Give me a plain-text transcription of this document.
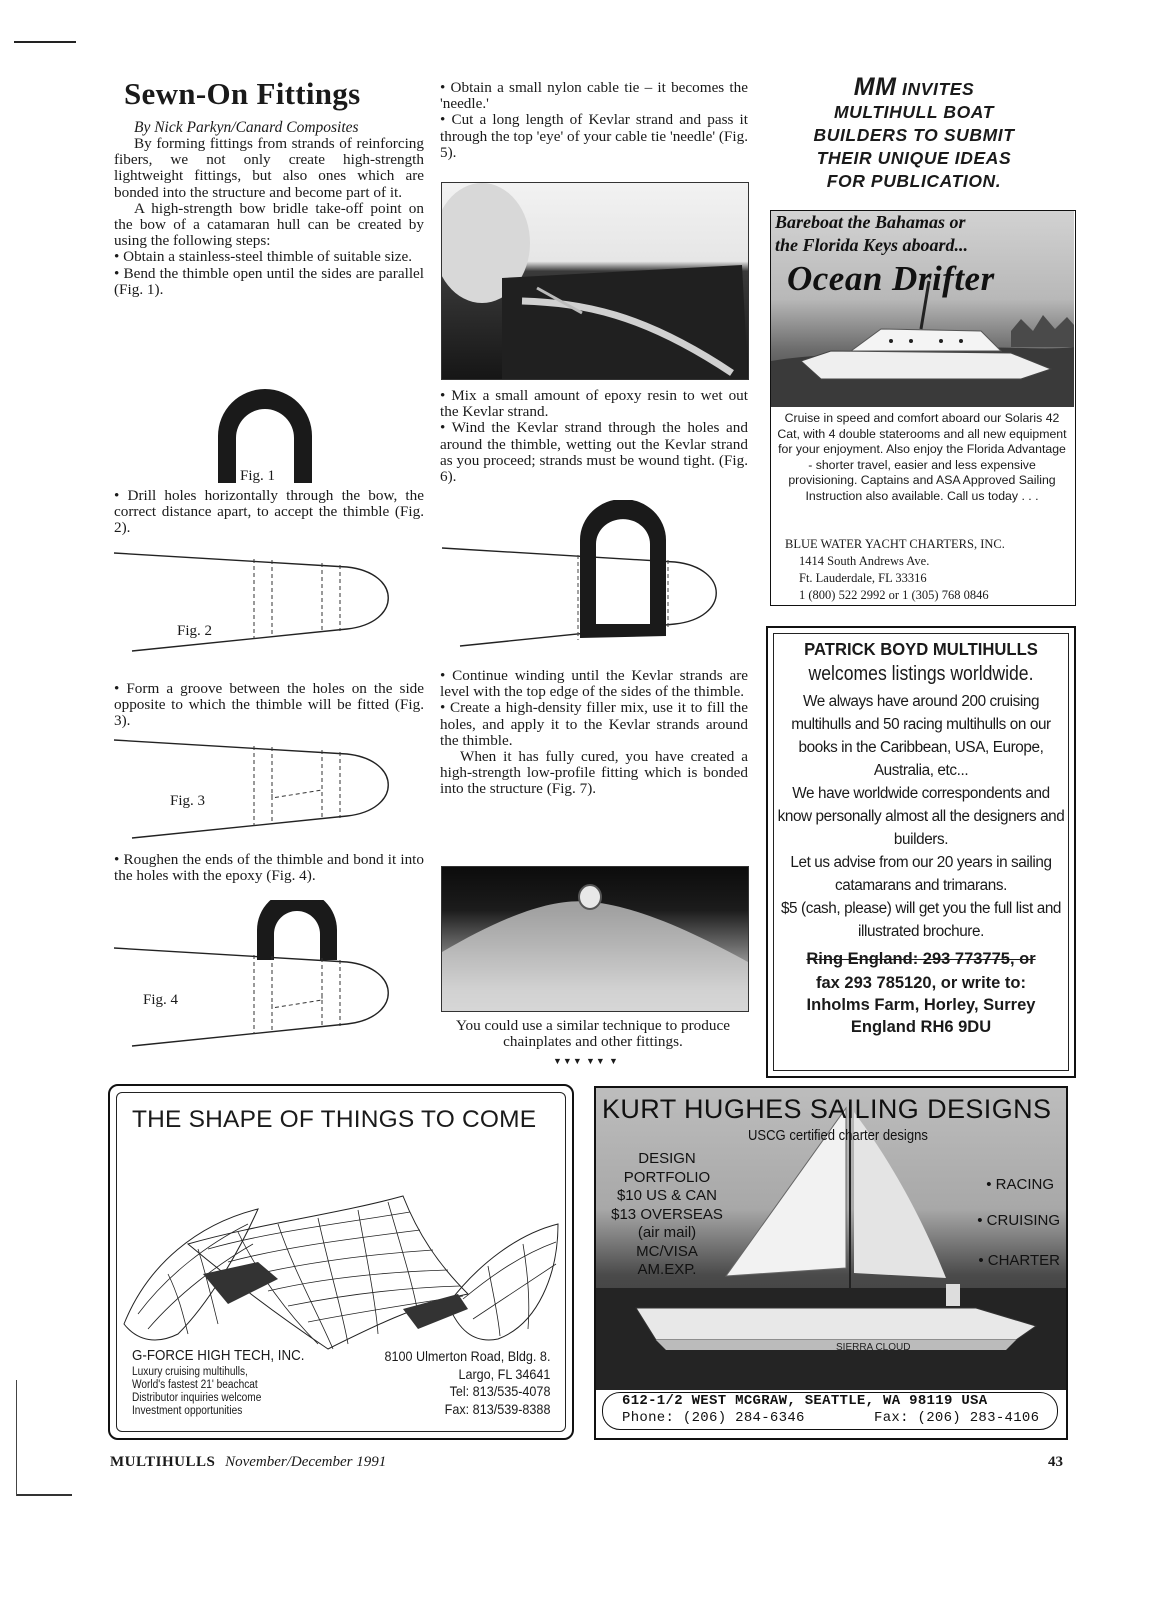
Sewn-On Fittings
By Nick Parkyn/Canard Composites

By forming fittings from strands of reinforcing fibers, we not only create high-strength lightweight fittings, but also ones which are bonded into the structure and become part of it.

A high-strength bow bridle take-off point on the bow of a catamaran hull can be created by using the following steps:

• Obtain a stainless-steel thimble of suitable size.

• Bend the thimble open until the sides are parallel (Fig. 1).

Fig. 1
• Drill holes horizontally through the bow, the correct distance apart, to accept the thimble (Fig. 2).
Fig. 2
• Form a groove between the holes on the side opposite to which the thimble will be fitted (Fig. 3).
Fig. 3
• Roughen the ends of the thimble and bond it into the holes with the epoxy (Fig. 4).
Fig. 4

• Obtain a small nylon cable tie – it becomes the 'needle.'

• Cut a long length of Kevlar strand and pass it through the top 'eye' of your cable tie 'needle' (Fig. 5).

• Mix a small amount of epoxy resin to wet out the Kevlar strand.

• Wind the Kevlar strand through the holes and around the thimble, wetting out the Kevlar strand as you proceed; strands must be wound tight. (Fig. 6).

• Continue winding until the Kevlar strands are level with the top edge of the sides of the thimble.

• Create a high-density filler mix, use it to fill the holes, and apply it to the Kevlar strands around the thimble.

When it has fully cured, you have created a high-strength low-profile fitting which is bonded into the structure (Fig. 7).

You could use a similar technique to produce chainplates and other fittings.
▼▼▼ ▼▼ ▼
MM INVITES
MULTIHULL BOAT
BUILDERS TO SUBMIT
THEIR UNIQUE IDEAS
FOR PUBLICATION.
Bareboat the Bahamas or
the Florida Keys aboard...
Ocean Drifter
Cruise in speed and comfort aboard our Solaris 42 Cat, with 4 double staterooms and all new equipment for your enjoyment. Also enjoy the Florida Advantage - shorter travel, easier and less expensive provisioning. Captains and ASA Approved Sailing Instruction also available. Call us today . . .
BLUE WATER YACHT CHARTERS, INC.
1414 South Andrews Ave.
Ft. Lauderdale, FL 33316
1 (800) 522 2992 or 1 (305) 768 0846
PATRICK BOYD MULTIHULLS
welcomes listings worldwide.
We always have around 200 cruising multihulls and 50 racing multihulls on our books in the Caribbean, USA, Europe, Australia, etc...
We have worldwide correspondents and know personally almost all the designers and builders.
Let us advise from our 20 years in sailing catamarans and trimarans.
$5 (cash, please) will get you the full list and illustrated brochure.
Ring England: 293 773775, or
fax 293 785120, or write to:
Inholms Farm, Horley, Surrey
England RH6 9DU
THE SHAPE OF THINGS TO COME
G-FORCE HIGH TECH, INC.
Luxury cruising multihulls,
World's fastest 21' beachcat
Distributor inquiries welcome
Investment opportunities
8100 Ulmerton Road, Bldg. 8.
Largo, FL 34641
Tel: 813/535-4078
Fax: 813/539-8388
KURT HUGHES SAILING DESIGNS
USCG certified charter designs
DESIGN
PORTFOLIO
$10 US & CAN
$13 OVERSEAS
(air mail)
MC/VISA
AM.EXP.
• RACING
• CRUISING
• CHARTER
SIERRA CLOUD
612-1/2 WEST MCGRAW, SEATTLE, WA 98119 USA
Phone: (206) 284-6346	Fax: (206) 283-4106
MULTIHULLS November/December 1991	43
